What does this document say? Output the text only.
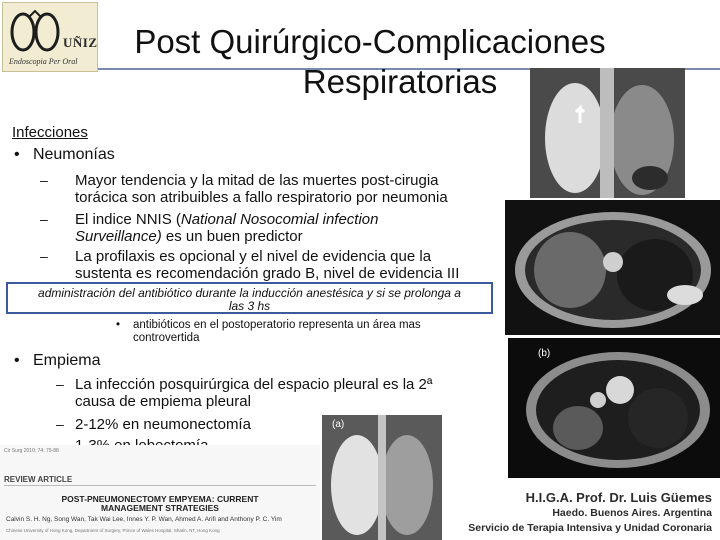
UÑIZ
Endoscopia Per Oral
Post Quirúrgico-Complicaciones
Respiratorias
Infecciones
•   Neumonías
– Mayor tendencia y la mitad de las muertes post-cirugia
torácica son atribuibles a fallo respiratorio por neumonia
– El indice NNIS (National Nosocomial infection
Surveillance) es un buen predictor
– La profilaxis es opcional y el nivel de evidencia que la
sustenta es recomendación grado B, nivel de evidencia III
administración del antibiótico durante la inducción anestésica y si se prolonga a
las 3 hs
• antibióticos en el postoperatorio representa un área mas
controvertida
•   Empiema
– La infección posquirúrgica del espacio pleural es la 2ª
causa de empiema pleural
– 2-12% en neumonectomía
(b)
(a)
Cir Surg 2010; 74: 79-88
REVIEW ARTICLE
POST-PNEUMONECTOMY EMPYEMA: CURRENT
MANAGEMENT STRATEGIES
Calvin S. H. Ng, Song Wan, Tak Wai Lee, Innes Y. P. Wan, Ahmed A. Arifi and Anthony P. C. Yim
Chinese University of Hong Kong, Department of Surgery, Prince of Wales Hospital, Shatin, NT, Hong Kong
H.I.G.A. Prof. Dr. Luis Güemes
Haedo. Buenos Aires. Argentina
Servicio de Terapia Intensiva y Unidad Coronaria
